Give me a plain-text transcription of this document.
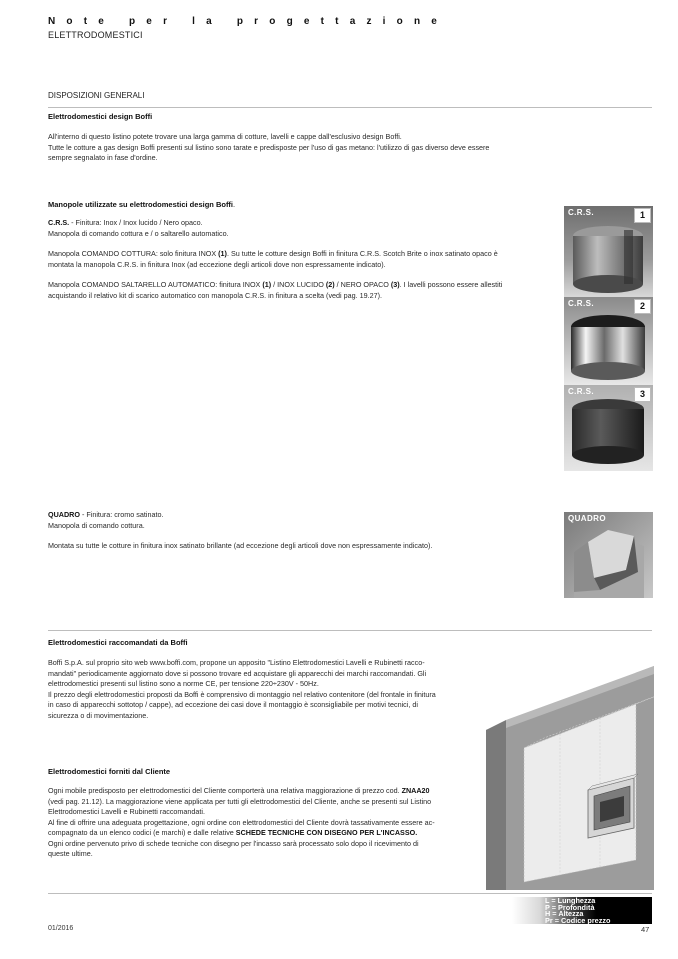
Note per la progettazione
ELETTRODOMESTICI
DISPOSIZIONI GENERALI
Elettrodomestici design Boffi

All'interno di questo listino potete trovare una larga gamma di cotture, lavelli e cappe dall'esclusivo design Boffi.

Tutte le cotture a gas design Boffi presenti sul listino sono tarate e predisposte per l'uso di gas metano: l'utilizzo di gas diverso deve essere

sempre segnalato in fase d'ordine.

Manopole utilizzate su elettrodomestici design Boffi.

C.R.S. - Finitura: Inox / Inox lucido / Nero opaco.

Manopola di comando cottura e / o saltarello automatico.

Manopola COMANDO COTTURA: solo finitura INOX (1). Su tutte le cotture design Boffi in finitura C.R.S. Scotch Brite o inox satinato opaco è

montata la manopola C.R.S. in finitura Inox (ad eccezione degli articoli dove non espressamente indicato).

Manopola COMANDO SALTARELLO AUTOMATICO: finitura INOX (1) / INOX LUCIDO (2) / NERO OPACO (3). I lavelli possono essere allestiti

acquistando il relativo kit di scarico automatico con manopola C.R.S. in finitura a scelta (vedi pag. 19.27).

C.R.S.	1
C.R.S.	2
C.R.S.	3

QUADRO - Finitura: cromo satinato.

Manopola di comando cottura.

Montata su tutte le cotture in finitura inox satinato brillante (ad eccezione degli articoli dove non espressamente indicato).

QUADRO
Elettrodomestici raccomandati da Boffi

Boffi S.p.A. sul proprio sito web www.boffi.com, propone un apposito "Listino Elettrodomestici Lavelli e Rubinetti racco-

mandati" periodicamente aggiornato dove si possono trovare ed acquistare gli apparecchi dei marchi raccomandati. Gli

elettrodomestici presenti sul listino sono a norme CE, per tensione 220÷230V - 50Hz.

Il prezzo degli elettrodomestici proposti da Boffi è comprensivo di montaggio nel relativo contenitore (del frontale in finitura

in caso di apparecchi sottotop / cappe), ad eccezione dei casi dove il montaggio è sconsigliabile per motivi tecnici, di

sicurezza o di movimentazione.

Elettrodomestici forniti dal Cliente

Ogni mobile predisposto per elettrodomestici del Cliente comporterà una relativa maggiorazione di prezzo cod. ZNAA20

(vedi pag. 21.12). La maggiorazione viene applicata per tutti gli elettrodomestici del Cliente, anche se presenti sul Listino

Elettrodomestici Lavelli e Rubinetti raccomandati.

Al fine di offrire una adeguata progettazione, ogni ordine con elettrodomestici del Cliente dovrà tassativamente essere ac-

compagnato da un elenco codici (e marchi) e dalle relative SCHEDE TECNICHE CON DISEGNO PER L'INCASSO.

Ogni ordine pervenuto privo di schede tecniche con disegno per l'incasso sarà processato solo dopo il ricevimento di

queste ultime.

L = Lunghezza
P = Profondità
H = Altezza
Pr = Codice prezzo
01/2016	47
